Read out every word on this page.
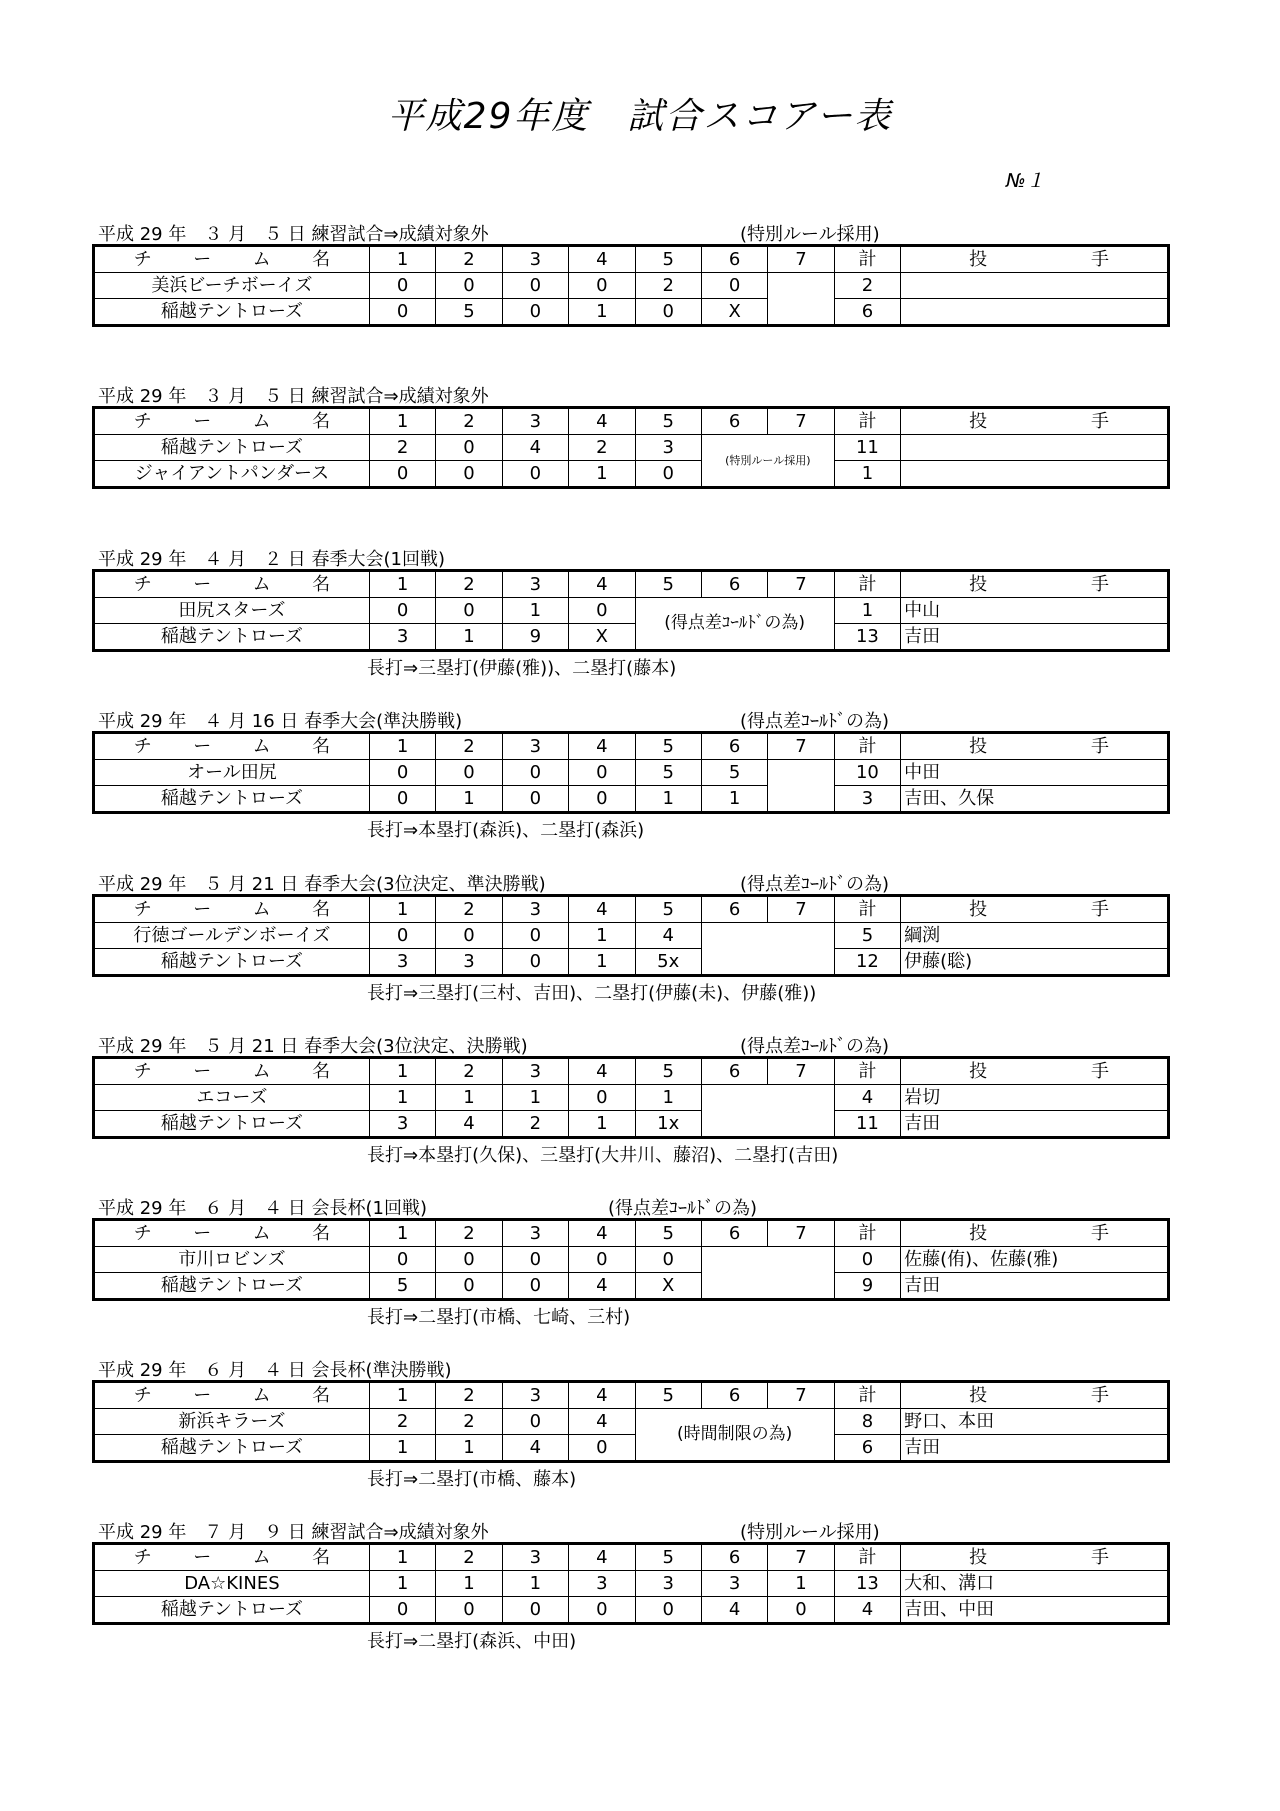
平成29年度　試合スコアー表
№１
平成 29 年　３ 月　５ 日 練習試合⇒成績対象外	(特別ルール採用)
チ ー ム 名	1	2	3	4	5	6	7	計	投 手

美浜ビーチボーイズ	0	0	0	0	2	0		2	
稲越テントローズ	0	5	0	1	0	X		6	
平成 29 年　３ 月　５ 日 練習試合⇒成績対象外
チ ー ム 名	1	2	3	4	5	6	7	計	投 手

稲越テントローズ	2	0	4	2	3	(特別ルール採用)		11	
ジャイアントパンダース	0	0	0	1	0			1	
平成 29 年　４ 月　２ 日 春季大会(1回戦)
チ ー ム 名	1	2	3	4	5	6	7	計	投 手

田尻スターズ	0	0	1	0	(得点差ｺｰﾙﾄﾞの為)			1	中山
稲越テントローズ	3	1	9	X				13	吉田
長打⇒三塁打(伊藤(雅))、二塁打(藤本)
平成 29 年　４ 月 16 日 春季大会(準決勝戦)	(得点差ｺｰﾙﾄﾞの為)
チ ー ム 名	1	2	3	4	5	6	7	計	投 手

オール田尻	0	0	0	0	5	5		10	中田
稲越テントローズ	0	1	0	0	1	1		3	吉田、久保
長打⇒本塁打(森浜)、二塁打(森浜)
平成 29 年　５ 月 21 日 春季大会(3位決定、準決勝戦)	(得点差ｺｰﾙﾄﾞの為)
チ ー ム 名	1	2	3	4	5	6	7	計	投 手

行徳ゴールデンボーイズ	0	0	0	1	4			5	綱渕
稲越テントローズ	3	3	0	1	5x			12	伊藤(聡)
長打⇒三塁打(三村、吉田)、二塁打(伊藤(未)、伊藤(雅))
平成 29 年　５ 月 21 日 春季大会(3位決定、決勝戦)	(得点差ｺｰﾙﾄﾞの為)
チ ー ム 名	1	2	3	4	5	6	7	計	投 手

エコーズ	1	1	1	0	1			4	岩切
稲越テントローズ	3	4	2	1	1x			11	吉田
長打⇒本塁打(久保)、三塁打(大井川、藤沼)、二塁打(吉田)
平成 29 年　６ 月　４ 日 会長杯(1回戦)	(得点差ｺｰﾙﾄﾞの為)
チ ー ム 名	1	2	3	4	5	6	7	計	投 手

市川ロビンズ	0	0	0	0	0			0	佐藤(侑)、佐藤(雅)
稲越テントローズ	5	0	0	4	X			9	吉田
長打⇒二塁打(市橋、七崎、三村)
平成 29 年　６ 月　４ 日 会長杯(準決勝戦)
チ ー ム 名	1	2	3	4	5	6	7	計	投 手

新浜キラーズ	2	2	0	4	(時間制限の為)			8	野口、本田
稲越テントローズ	1	1	4	0				6	吉田
長打⇒二塁打(市橋、藤本)
平成 29 年　７ 月　９ 日 練習試合⇒成績対象外	(特別ルール採用)
チ ー ム 名	1	2	3	4	5	6	7	計	投 手

DA☆KINES	1	1	1	3	3	3	1	13	大和、溝口
稲越テントローズ	0	0	0	0	0	4	0	4	吉田、中田
長打⇒二塁打(森浜、中田)
